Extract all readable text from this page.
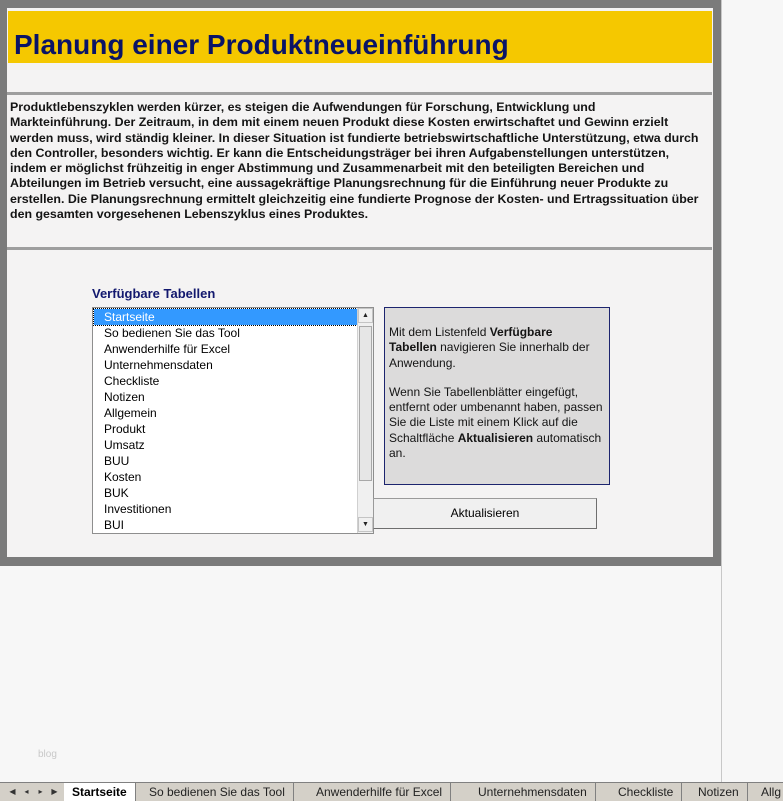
Planung einer Produktneueinführung
Produktlebenszyklen werden kürzer, es steigen die Aufwendungen für Forschung, Entwicklung und Markteinführung. Der Zeitraum, in dem mit einem neuen Produkt diese Kosten erwirtschaftet und Gewinn erzielt werden muss, wird ständig kleiner. In dieser Situation ist fundierte betriebswirtschaftliche Unterstützung, etwa durch den Controller, besonders wichtig. Er kann die Entscheidungsträger bei ihren Aufgabenstellungen unterstützen, indem er möglichst frühzeitig in enger Abstimmung und Zusammenarbeit mit den beteiligten Bereichen und Abteilungen im Betrieb versucht, eine aussagekräftige Planungsrechnung für die Einführung neuer Produkte zu erstellen. Die Planungsrechnung ermittelt gleichzeitig eine fundierte Prognose der Kosten- und Ertragssituation über den gesamten vorgesehenen Lebenszyklus eines Produktes.
Verfügbare Tabellen
Startseite
So bedienen Sie das Tool
Anwenderhilfe für Excel
Unternehmensdaten
Checkliste
Notizen
Allgemein
Produkt
Umsatz
BUU
Kosten
BUK
Investitionen
BUI
▲
▼

Mit dem Listenfeld Verfügbare Tabellen navigieren Sie innerhalb der Anwendung.

Wenn Sie Tabellenblätter eingefügt, entfernt oder umbenannt haben, passen Sie die Liste mit einem Klick auf die Schaltfläche Aktualisieren automatisch an.

Aktualisieren
blog
◀	◂	▸	▶	Startseite	So bedienen Sie das Tool	Anwenderhilfe für Excel	Unternehmensdaten	Checkliste	Notizen	Allg
